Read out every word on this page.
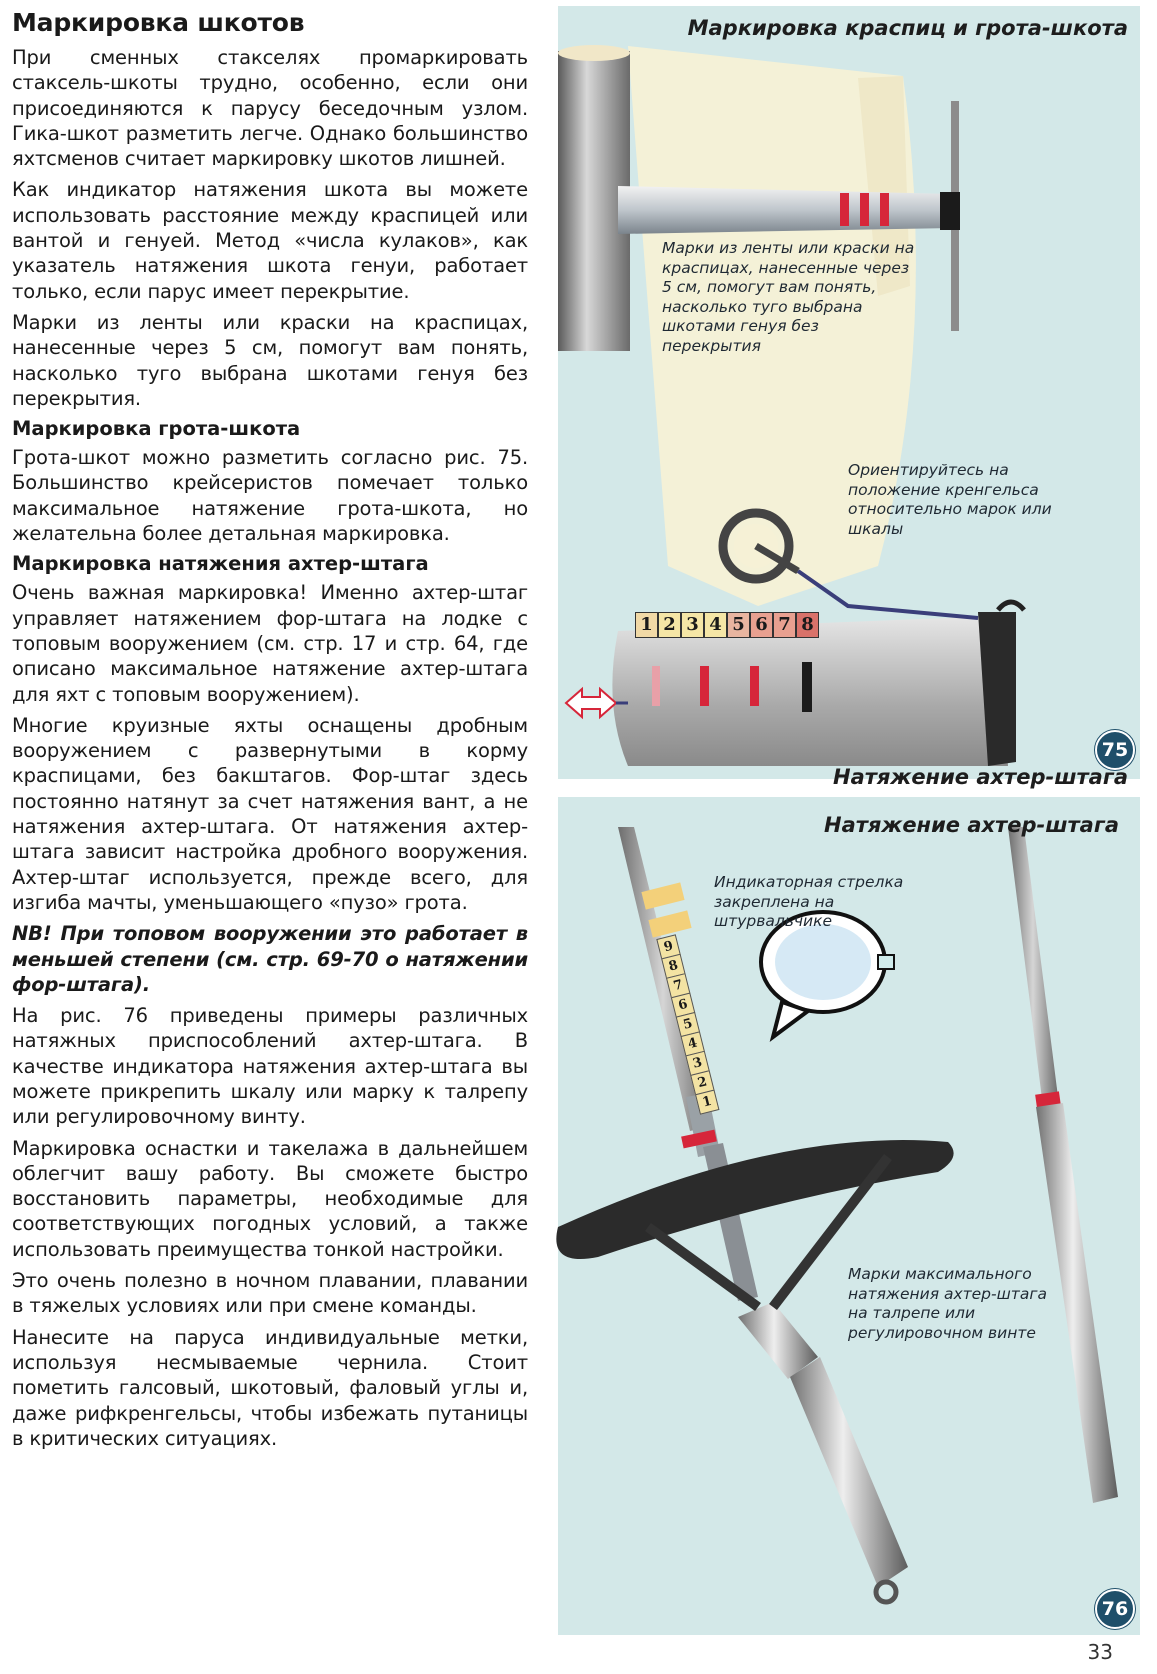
Маркировка шкотов

При сменных стакселях промаркировать стаксель-шкоты трудно, особенно, если они присоединяются к парусу беседочным узлом. Гика-шкот разметить легче. Однако большинство яхтсменов считает маркировку шкотов лишней.

Как индикатор натяжения шкота вы можете использовать расстояние между краспицей или вантой и генуей. Метод «числа кулаков», как указатель натяжения шкота генуи, работает только, если парус имеет перекрытие.

Марки из ленты или краски на краспицах, нанесенные через 5 см, помогут вам понять, насколько туго выбрана шкотами генуя без перекрытия.

Маркировка грота-шкота

Грота-шкот можно разметить согласно рис. 75. Большинство крейсеристов помечает только максимальное натяжение грота-шкота, но желательна более детальная маркировка.

Маркировка натяжения ахтер-штага

Очень важная маркировка! Именно ахтер-штаг управляет натяжением фор-штага на лодке с топовым вооружением (см. стр. 17 и стр. 64, где описано максимальное натяжение ахтер-штага для яхт с топовым вооружением).

Многие круизные яхты оснащены дробным вооружением с развернутыми в корму краспицами, без бакштагов. Фор-штаг здесь постоянно натянут за счет натяжения вант, а не натяжения ахтер-штага. От натяжения ахтер-штага зависит настройка дробного вооружения. Ахтер-штаг используется, прежде всего, для изгиба мачты, уменьшающего «пузо» грота.

NB! При топовом вооружении это работает в меньшей степени (см. стр. 69-70 о натяжении фор-штага).

На рис. 76 приведены примеры различных натяжных приспособлений ахтер-штага. В качестве индикатора натяжения ахтер-штага вы можете прикрепить шкалу или марку к талрепу или регулировочному винту.

Маркировка оснастки и такелажа в дальнейшем облегчит вашу работу. Вы сможете быстро восстановить параметры, необходимые для соответствующих погодных условий, а также использовать преимущества тонкой настройки.

Это очень полезно в ночном плавании, плавании в тяжелых условиях или при смене команды.

Нанесите на паруса индивидуальные метки, используя несмываемые чернила. Стоит пометить галсовый, шкотовый, фаловый углы и, даже рифкренгельсы, чтобы избежать путаницы в критических ситуациях.

Маркировка краспиц и грота-шкота
Марки из ленты или краски на краспицах, нанесенные через 5 см, помогут вам понять, насколько туго выбрана шкотами генуя без перекрытия
Ориентируйтесь на положение кренгельса относительно марок или шкалы
1 2 3 4 5 6 7 8
75
Натяжение ахтер-штага
Индикаторная стрелка закреплена на штурвальчике
Марки максимального натяжения ахтер-штага на талрепе или регулировочном винте
9
8
7
6
5
4
3
2
1
76
Натяжение ахтер-штага
33
